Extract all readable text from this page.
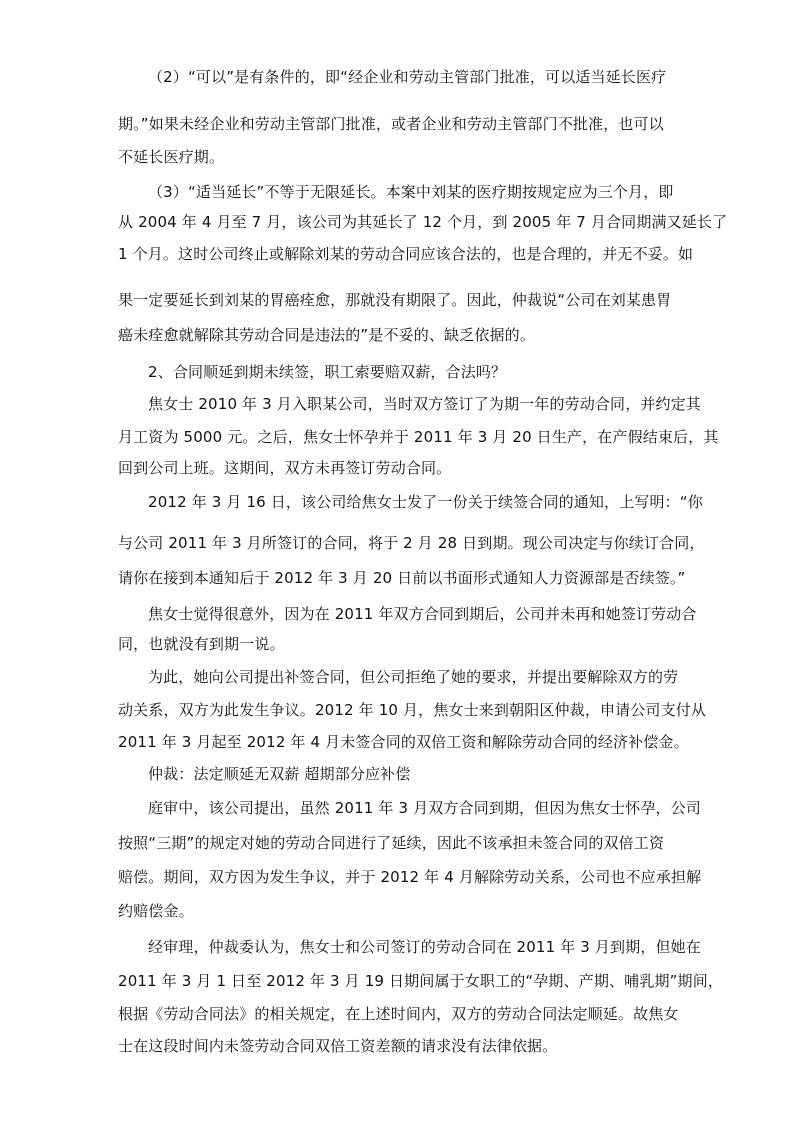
（2）“可以”是有条件的，即“经企业和劳动主管部门批准，可以适当延长医疗
期。”如果未经企业和劳动主管部门批准，或者企业和劳动主管部门不批准，也可以
不延长医疗期。
（3）“适当延长”不等于无限延长。本案中刘某的医疗期按规定应为三个月，即
从 2004 年 4 月至 7 月，该公司为其延长了 12 个月，到 2005 年 7 月合同期满又延长了
1 个月。这时公司终止或解除刘某的劳动合同应该合法的，也是合理的，并无不妥。如
果一定要延长到刘某的胃癌痊愈，那就没有期限了。因此，仲裁说“公司在刘某患胃
癌未痊愈就解除其劳动合同是违法的”是不妥的、缺乏依据的。
2、合同顺延到期未续签，职工索要赔双薪，合法吗？
焦女士 2010 年 3 月入职某公司，当时双方签订了为期一年的劳动合同，并约定其
月工资为 5000 元。之后，焦女士怀孕并于 2011 年 3 月 20 日生产，在产假结束后，其
回到公司上班。这期间，双方未再签订劳动合同。
2012 年 3 月 16 日，该公司给焦女士发了一份关于续签合同的通知，上写明：“你
与公司 2011 年 3 月所签订的合同，将于 2 月 28 日到期。现公司决定与你续订合同，
请你在接到本通知后于 2012 年 3 月 20 日前以书面形式通知人力资源部是否续签。”
焦女士觉得很意外，因为在 2011 年双方合同到期后，公司并未再和她签订劳动合
同，也就没有到期一说。
为此，她向公司提出补签合同，但公司拒绝了她的要求，并提出要解除双方的劳
动关系，双方为此发生争议。2012 年 10 月，焦女士来到朝阳区仲裁，申请公司支付从
2011 年 3 月起至 2012 年 4 月未签合同的双倍工资和解除劳动合同的经济补偿金。
仲裁：法定顺延无双薪 超期部分应补偿
庭审中，该公司提出，虽然 2011 年 3 月双方合同到期，但因为焦女士怀孕，公司
按照“三期”的规定对她的劳动合同进行了延续，因此不该承担未签合同的双倍工资
赔偿。期间，双方因为发生争议，并于 2012 年 4 月解除劳动关系，公司也不应承担解
约赔偿金。
经审理，仲裁委认为，焦女士和公司签订的劳动合同在 2011 年 3 月到期，但她在
2011 年 3 月 1 日至 2012 年 3 月 19 日期间属于女职工的“孕期、产期、哺乳期”期间，
根据《劳动合同法》的相关规定，在上述时间内，双方的劳动合同法定顺延。故焦女
士在这段时间内未签劳动合同双倍工资差额的请求没有法律依据。
